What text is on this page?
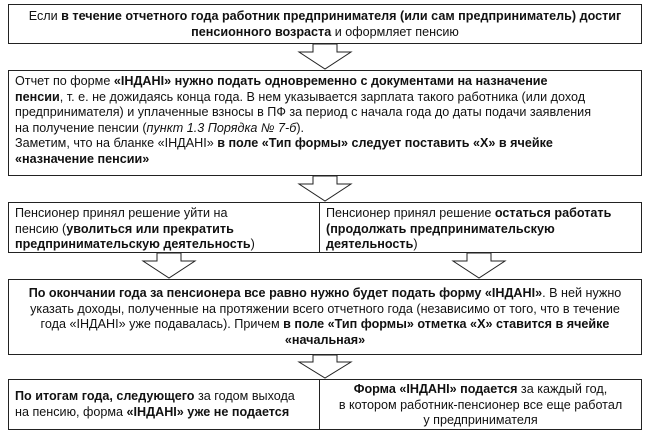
Если в течение отчетного года работник предпринимателя (или сам предприниматель) достиг
пенсионного возраста и оформляет пенсию
Отчет по форме «ІНДАНІ» нужно подать одновременно с документами на назначение
пенсии, т. е. не дожидаясь конца года. В нем указывается зарплата такого работника (или доход
предпринимателя) и уплаченные взносы в ПФ за период с начала года до даты подачи заявления
на получение пенсии (пункт 1.3 Порядка № 7-б).
Заметим, что на бланке «ІНДАНІ» в поле «Тип формы» следует поставить «Х» в ячейке
«назначение пенсии»
Пенсионер принял решение уйти на
пенсию (уволиться или прекратить
предпринимательскую деятельность)
Пенсионер принял решение остаться работать
(продолжать предпринимательскую
деятельность)
По окончании года за пенсионера все равно нужно будет подать форму «ІНДАНІ». В ней нужно
указать доходы, полученные на протяжении всего отчетного года (независимо от того, что в течение
года «ІНДАНІ» уже подавалась). Причем в поле «Тип формы» отметка «Х» ставится в ячейке
«начальная»
По итогам года, следующего за годом выхода
на пенсию, форма «ІНДАНІ» уже не подается
Форма «ІНДАНІ» подается за каждый год,
в котором работник-пенсионер все еще работал
у предпринимателя
